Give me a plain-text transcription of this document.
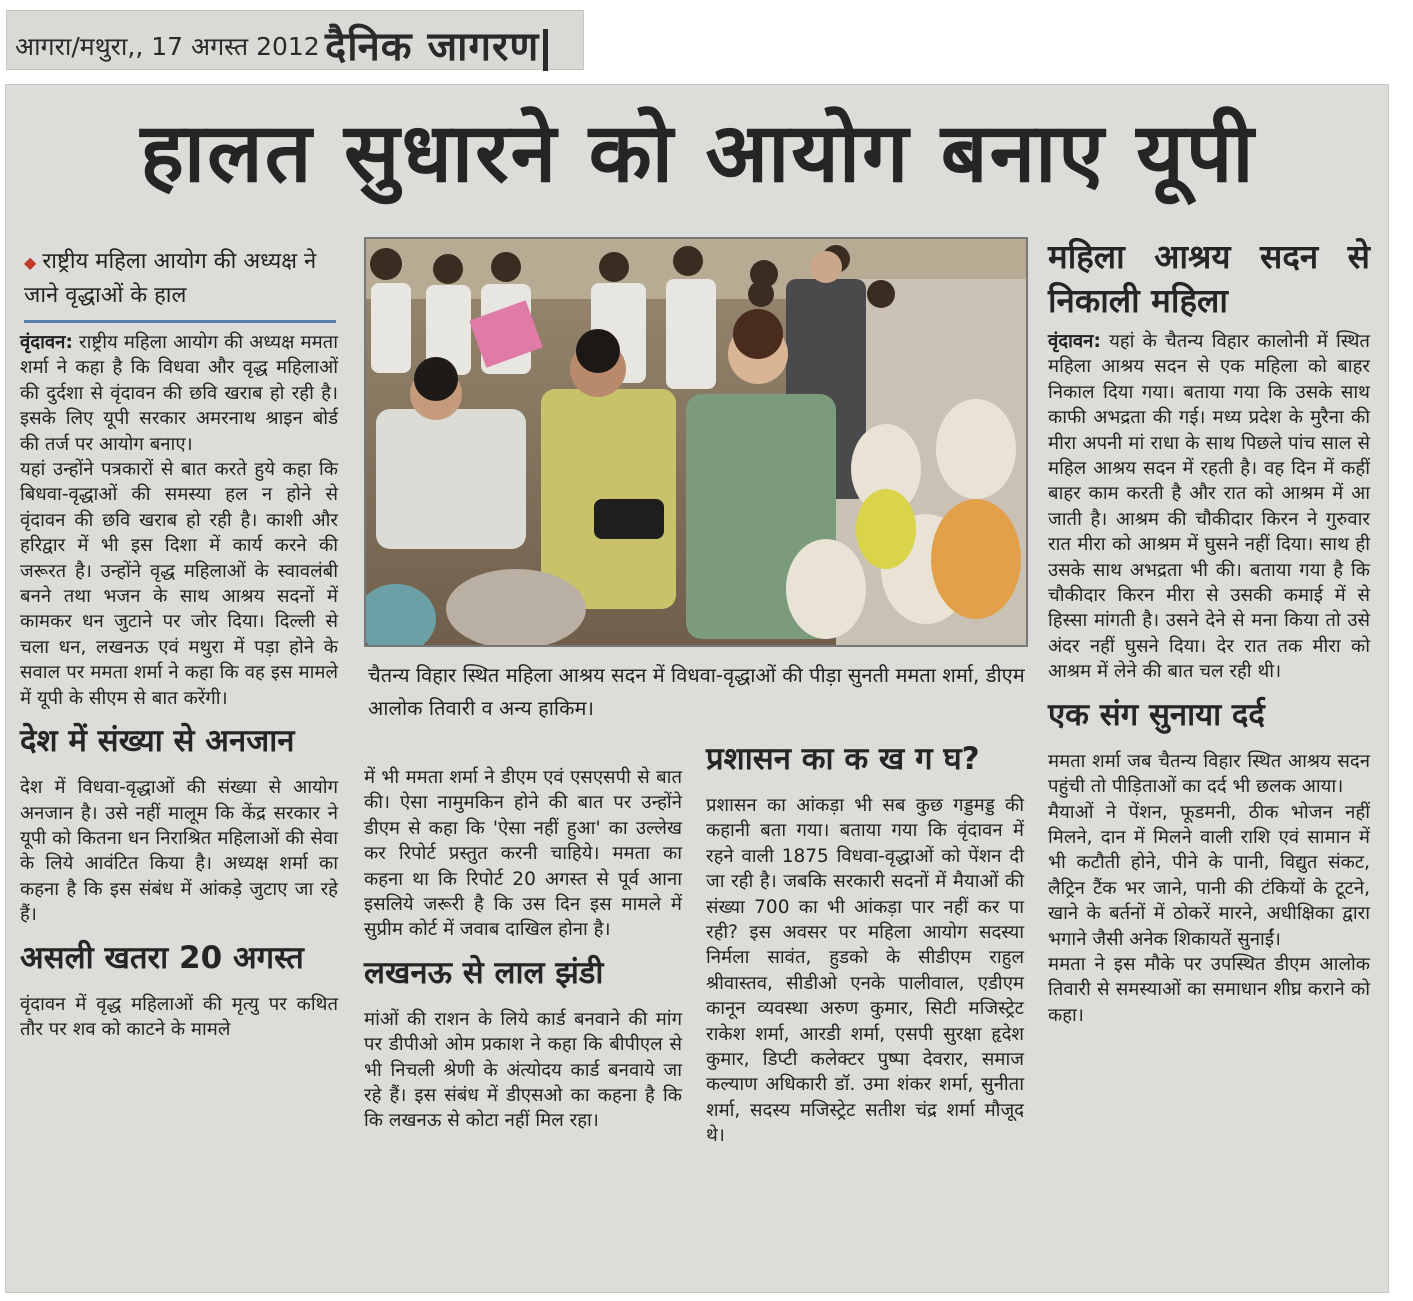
आगरा/मथुरा,, 17 अगस्त 2012 दैनिक जागरण
हालत सुधारने को आयोग बनाए यूपी
◆ राष्ट्रीय महिला आयोग की अध्यक्ष ने जाने वृद्धाओं के हाल

वृंदावन: राष्ट्रीय महिला आयोग की अध्यक्ष ममता शर्मा ने कहा है कि विधवा और वृद्ध महिलाओं की दुर्दशा से वृंदावन की छवि खराब हो रही है। इसके लिए यूपी सरकार अमरनाथ श्राइन बोर्ड की तर्ज पर आयोग बनाए।

यहां उन्होंने पत्रकारों से बात करते हुये कहा कि बिधवा-वृद्धाओं की समस्या हल न होने से वृंदावन की छवि खराब हो रही है। काशी और हरिद्वार में भी इस दिशा में कार्य करने की जरूरत है। उन्होंने वृद्ध महिलाओं के स्वावलंबी बनने तथा भजन के साथ आश्रय सदनों में कामकर धन जुटाने पर जोर दिया। दिल्ली से चला धन, लखनऊ एवं मथुरा में पड़ा होने के सवाल पर ममता शर्मा ने कहा कि वह इस मामले में यूपी के सीएम से बात करेंगी।

देश में संख्या से अनजान

देश में विधवा-वृद्धाओं की संख्या से आयोग अनजान है। उसे नहीं मालूम कि केंद्र सरकार ने यूपी को कितना धन निराश्रित महिलाओं की सेवा के लिये आवंटित किया है। अध्यक्ष शर्मा का कहना है कि इस संबंध में आंकड़े जुटाए जा रहे हैं।

असली खतरा 20 अगस्त

वृंदावन में वृद्ध महिलाओं की मृत्यु पर कथित तौर पर शव को काटने के मामले

चैतन्य विहार स्थित महिला आश्रय सदन में विधवा-वृद्धाओं की पीड़ा सुनती ममता शर्मा, डीएम आलोक तिवारी व अन्य हाकिम।

में भी ममता शर्मा ने डीएम एवं एसएसपी से बात की। ऐसा नामुमकिन होने की बात पर उन्होंने डीएम से कहा कि 'ऐसा नहीं हुआ' का उल्लेख कर रिपोर्ट प्रस्तुत करनी चाहिये। ममता का कहना था कि रिपोर्ट 20 अगस्त से पूर्व आना इसलिये जरूरी है कि उस दिन इस मामले में सुप्रीम कोर्ट में जवाब दाखिल होना है।

लखनऊ से लाल झंडी

मांओं की राशन के लिये कार्ड बनवाने की मांग पर डीपीओ ओम प्रकाश ने कहा कि बीपीएल से भी निचली श्रेणी के अंत्योदय कार्ड बनवाये जा रहे हैं। इस संबंध में डीएसओ का कहना है कि कि लखनऊ से कोटा नहीं मिल रहा।

प्रशासन का क ख ग घ?

प्रशासन का आंकड़ा भी सब कुछ गड्डमड्ड की कहानी बता गया। बताया गया कि वृंदावन में रहने वाली 1875 विधवा-वृद्धाओं को पेंशन दी जा रही है। जबकि सरकारी सदनों में मैयाओं की संख्या 700 का भी आंकड़ा पार नहीं कर पा रही? इस अवसर पर महिला आयोग सदस्या निर्मला सावंत, हुडको के सीडीएम राहुल श्रीवास्तव, सीडीओ एनके पालीवाल, एडीएम कानून व्यवस्था अरुण कुमार, सिटी मजिस्ट्रेट राकेश शर्मा, आरडी शर्मा, एसपी सुरक्षा हृदेश कुमार, डिप्टी कलेक्टर पुष्पा देवरार, समाज कल्याण अधिकारी डॉ. उमा शंकर शर्मा, सुनीता शर्मा, सदस्य मजिस्ट्रेट सतीश चंद्र शर्मा मौजूद थे।

महिला आश्रय सदन से निकाली महिला

वृंदावन: यहां के चैतन्य विहार कालोनी में स्थित महिला आश्रय सदन से एक महिला को बाहर निकाल दिया गया। बताया गया कि उसके साथ काफी अभद्रता की गई। मध्य प्रदेश के मुरैना की मीरा अपनी मां राधा के साथ पिछले पांच साल से महिल आश्रय सदन में रहती है। वह दिन में कहीं बाहर काम करती है और रात को आश्रम में आ जाती है। आश्रम की चौकीदार किरन ने गुरुवार रात मीरा को आश्रम में घुसने नहीं दिया। साथ ही उसके साथ अभद्रता भी की। बताया गया है कि चौकीदार किरन मीरा से उसकी कमाई में से हिस्सा मांगती है। उसने देने से मना किया तो उसे अंदर नहीं घुसने दिया। देर रात तक मीरा को आश्रम में लेने की बात चल रही थी।

एक संग सुनाया दर्द

ममता शर्मा जब चैतन्य विहार स्थित आश्रय सदन पहुंची तो पीड़िताओं का दर्द भी छलक आया।

मैयाओं ने पेंशन, फूडमनी, ठीक भोजन नहीं मिलने, दान में मिलने वाली राशि एवं सामान में भी कटौती होने, पीने के पानी, विद्युत संकट, लैट्रिन टैंक भर जाने, पानी की टंकियों के टूटने, खाने के बर्तनों में ठोकरें मारने, अधीक्षिका द्वारा भगाने जैसी अनेक शिकायतें सुनाईं।

ममता ने इस मौके पर उपस्थित डीएम आलोक तिवारी से समस्याओं का समाधान शीघ्र कराने को कहा।
